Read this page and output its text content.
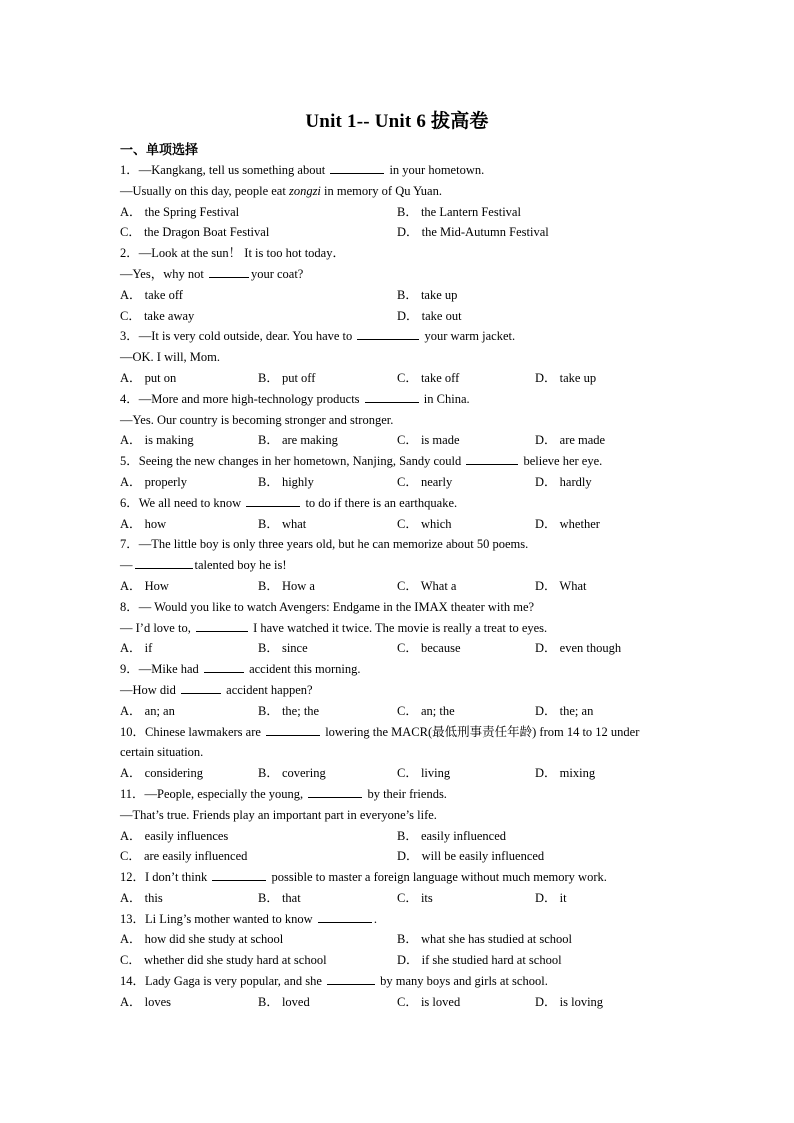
Unit 1-- Unit 6 拔高卷
一、单项选择
1．—Kangkang, tell us something about	in your hometown.
—Usually on this day, people eat zongzi in memory of Qu Yuan.
A． the Spring Festival	B． the Lantern Festival
C． the Dragon Boat Festival	D． the Mid-Autumn Festival
2．—Look at the sun！ It is too hot today．
—Yes，why not	your coat?
A． take off	B． take up
C． take away	D． take out
3．—It is very cold outside, dear. You have to	your warm jacket.
—OK. I will, Mom.
A． put on	B． put off	C． take off	D． take up
4．—More and more high-technology products	in China.
—Yes. Our country is becoming stronger and stronger.
A． is making	B． are making	C． is made	D． are made
5．Seeing the new changes in her hometown, Nanjing, Sandy could	believe her eye.
A． properly	B． highly	C． nearly	D． hardly
6．We all need to know	to do if there is an earthquake.
A． how	B． what	C． which	D． whether
7．—The little boy is only three years old, but he can memorize about 50 poems.
—	talented boy he is!
A． How	B． How a	C． What a	D． What
8．— Would you like to watch Avengers: Endgame in the IMAX theater with me?
— I’d love to,	I have watched it twice. The movie is really a treat to eyes.
A． if	B． since	C． because	D． even though
9．—Mike had	accident this morning.
—How did	accident happen?
A． an; an	B． the; the	C． an; the	D． the; an
10．Chinese lawmakers are	lowering the MACR(最低刑事责任年龄) from 14 to 12 under certain situation.
A． considering	B． covering	C． living	D． mixing
11．—People, especially the young,	by their friends.
—That’s true. Friends play an important part in everyone’s life.
A． easily influences	B． easily influenced
C． are easily influenced	D． will be easily influenced
12．I don’t think	possible to master a foreign language without much memory work.
A． this	B． that	C． its	D． it
13．Li Ling’s mother wanted to know	.
A． how did she study at school	B． what she has studied at school
C． whether did she study hard at school	D． if she studied hard at school
14．Lady Gaga is very popular, and she	by many boys and girls at school.
A． loves	B． loved	C． is loved	D． is loving
